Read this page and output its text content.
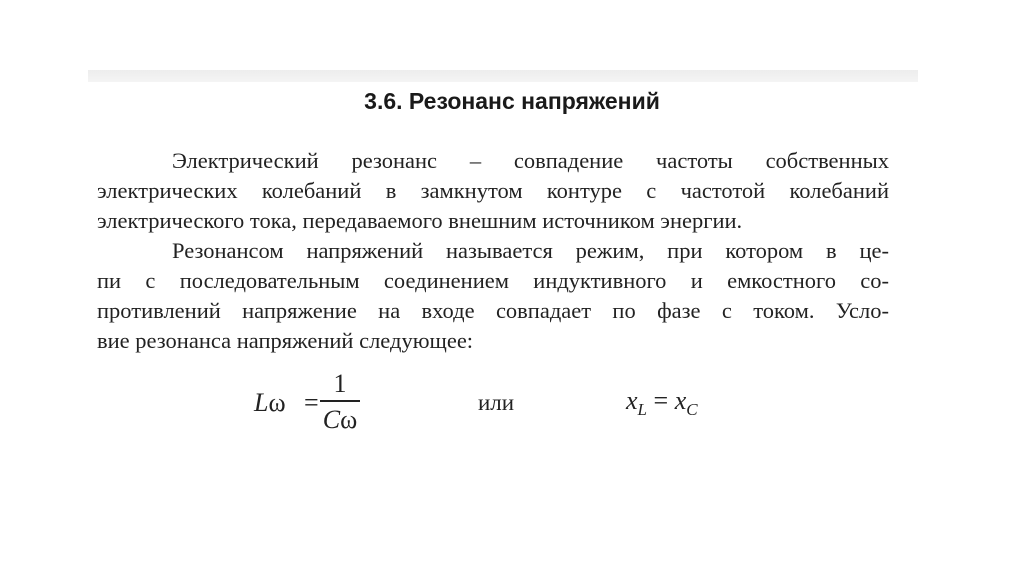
3.6. Резонанс напряжений
Электрический резонанс – совпадение частоты собственных
электрических колебаний в замкнутом контуре с частотой колебаний
электрического тока, передаваемого внешним источником энергии.
Резонансом напряжений называется режим, при котором в це-
пи с последовательным соединением индуктивного и емкостного со-
противлений напряжение на входе совпадает по фазе с током. Усло-
вие резонанса напряжений следующее:
Lω =
1
Cω
или	$x_L = x_C$
